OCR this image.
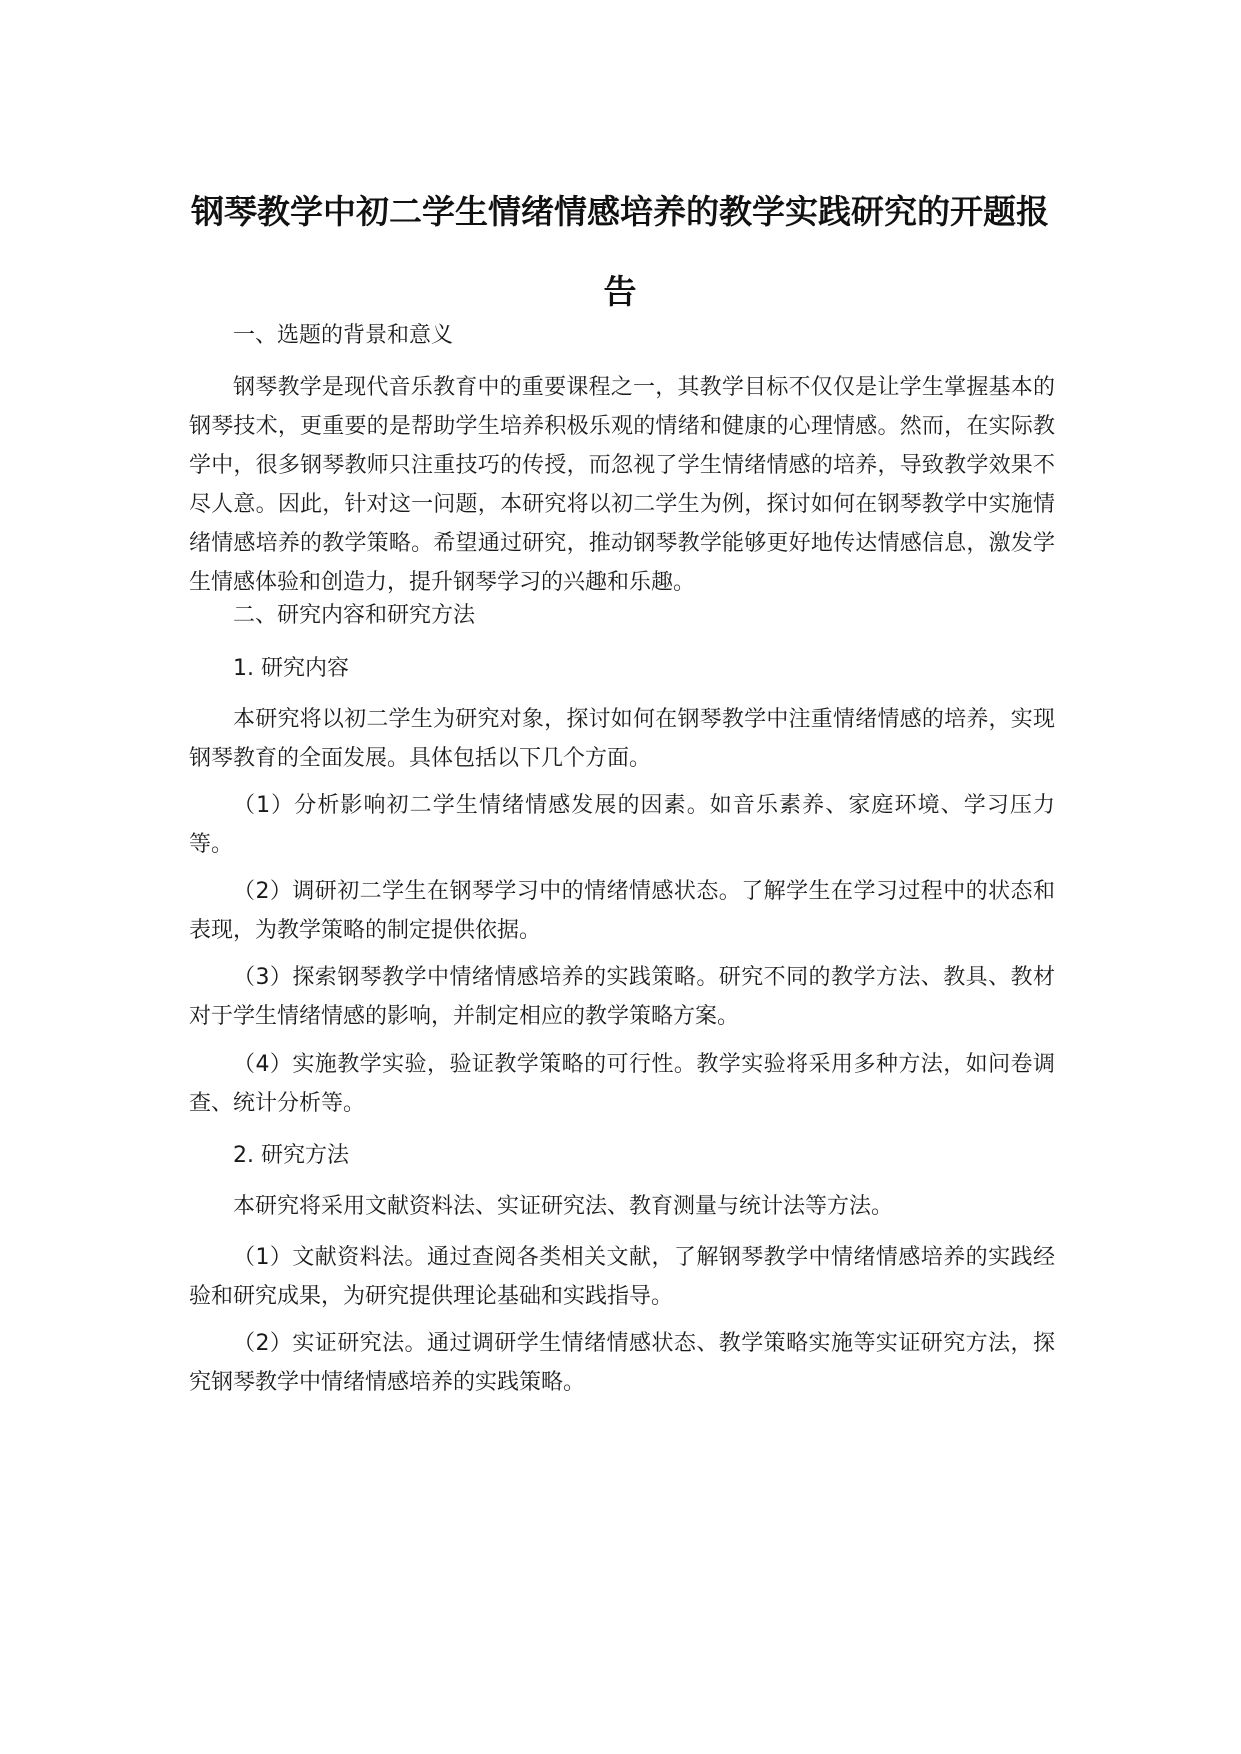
钢琴教学中初二学生情绪情感培养的教学实践研究的开题报告

一、选题的背景和意义

钢琴教学是现代音乐教育中的重要课程之一，其教学目标不仅仅是让学生掌握基本的钢琴技术，更重要的是帮助学生培养积极乐观的情绪和健康的心理情感。然而，在实际教学中，很多钢琴教师只注重技巧的传授，而忽视了学生情绪情感的培养，导致教学效果不尽人意。因此，针对这一问题，本研究将以初二学生为例，探讨如何在钢琴教学中实施情绪情感培养的教学策略。希望通过研究，推动钢琴教学能够更好地传达情感信息，激发学生情感体验和创造力，提升钢琴学习的兴趣和乐趣。

二、研究内容和研究方法

1. 研究内容

本研究将以初二学生为研究对象，探讨如何在钢琴教学中注重情绪情感的培养，实现钢琴教育的全面发展。具体包括以下几个方面。

（1）分析影响初二学生情绪情感发展的因素。如音乐素养、家庭环境、学习压力等。

（2）调研初二学生在钢琴学习中的情绪情感状态。了解学生在学习过程中的状态和表现，为教学策略的制定提供依据。

（3）探索钢琴教学中情绪情感培养的实践策略。研究不同的教学方法、教具、教材对于学生情绪情感的影响，并制定相应的教学策略方案。

（4）实施教学实验，验证教学策略的可行性。教学实验将采用多种方法，如问卷调查、统计分析等。

2. 研究方法

本研究将采用文献资料法、实证研究法、教育测量与统计法等方法。

（1）文献资料法。通过查阅各类相关文献，了解钢琴教学中情绪情感培养的实践经验和研究成果，为研究提供理论基础和实践指导。

（2）实证研究法。通过调研学生情绪情感状态、教学策略实施等实证研究方法，探究钢琴教学中情绪情感培养的实践策略。
